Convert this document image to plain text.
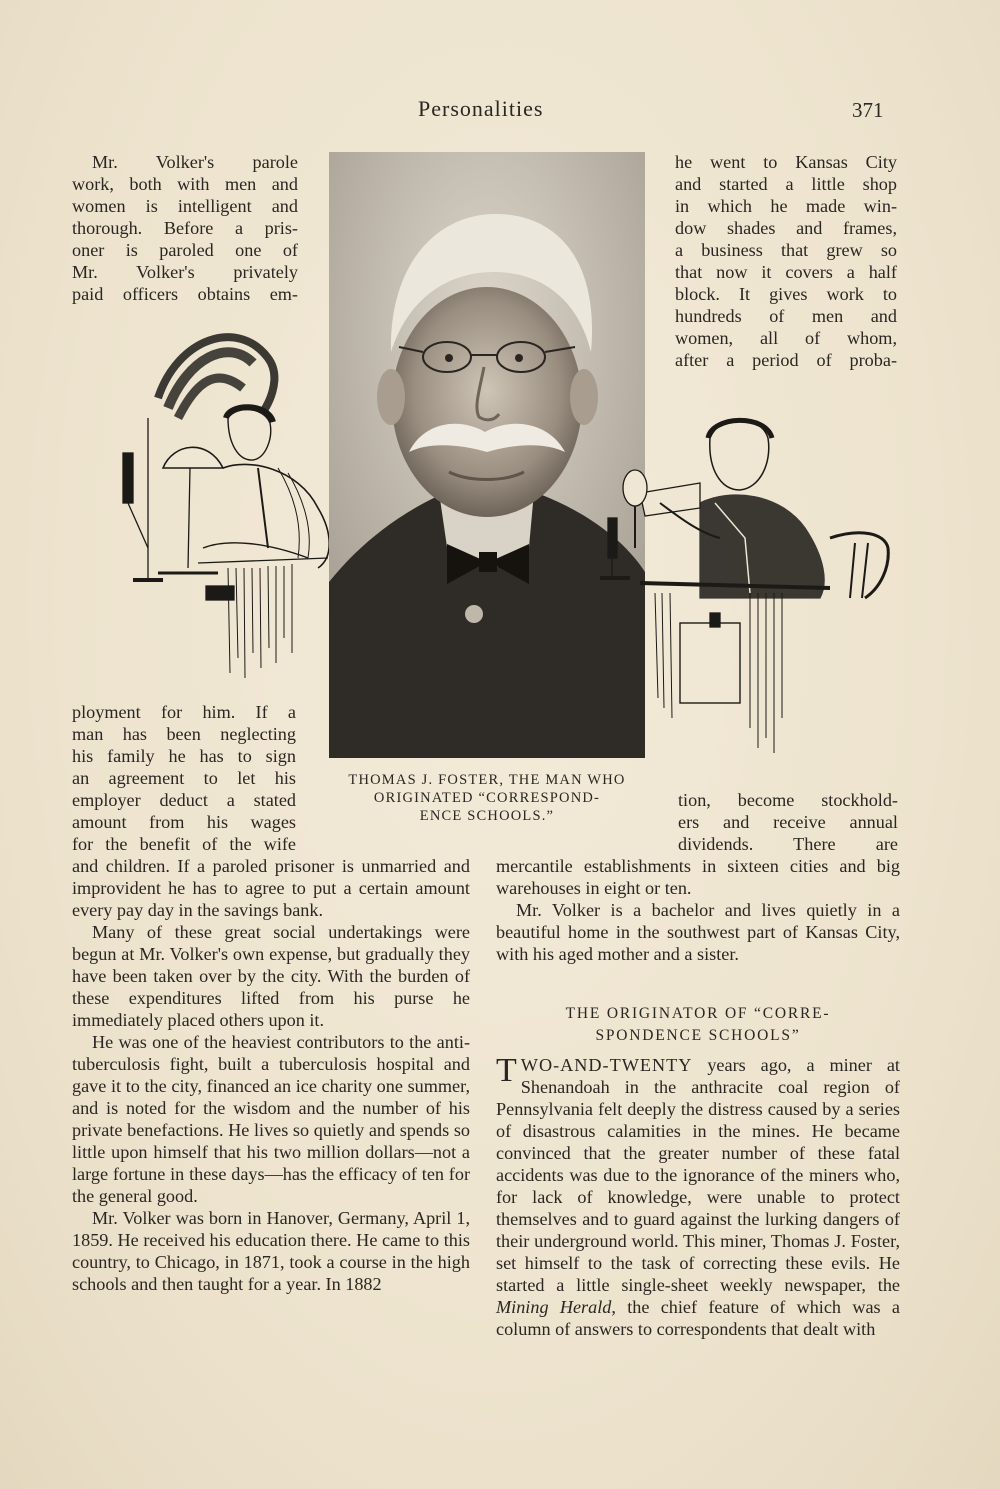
Personalities	371
Mr. Volker's parole
work, both with men and
women is intelligent and
thorough. Before a pris-
oner is paroled one of
Mr. Volker's privately
paid officers obtains em-
ployment for him. If a
man has been neglecting
his family he has to sign
an agreement to let his
employer deduct a stated
amount from his wages
for the benefit of the wife

and children. If a paroled prisoner is unmarried and improvident he has to agree to put a certain amount every pay day in the savings bank.

Many of these great social undertakings were begun at Mr. Volker's own expense, but gradually they have been taken over by the city. With the burden of these expenditures lifted from his purse he immediately placed others upon it.

He was one of the heaviest contributors to the anti-tuberculosis fight, built a tuberculosis hospital and gave it to the city, financed an ice charity one summer, and is noted for the wisdom and the number of his private benefactions. He lives so quietly and spends so little upon himself that his two million dollars—not a large fortune in these days—has the efficacy of ten for the general good.

Mr. Volker was born in Hanover, Germany, April 1, 1859. He received his education there. He came to this country, to Chicago, in 1871, took a course in the high schools and then taught for a year. In 1882

THOMAS J. FOSTER, THE MAN WHO
ORIGINATED “CORRESPOND-
ENCE SCHOOLS.”
he went to Kansas City
and started a little shop
in which he made win-
dow shades and frames,
a business that grew so
that now it covers a half
block. It gives work to
hundreds of men and
women, all of whom,
after a period of proba-
tion, become stockhold-
ers and receive annual
dividends. There are

mercantile establishments in sixteen cities and big warehouses in eight or ten.

Mr. Volker is a bachelor and lives quietly in a beautiful home in the southwest part of Kansas City, with his aged mother and a sister.

THE ORIGINATOR OF “CORRE-
SPONDENCE SCHOOLS”

TWO-AND-TWENTY years ago, a miner at Shenandoah in the anthracite coal region of Pennsylvania felt deeply the distress caused by a series of disastrous calamities in the mines. He became convinced that the greater number of these fatal accidents was due to the ignorance of the miners who, for lack of knowledge, were unable to protect themselves and to guard against the lurking dangers of their underground world. This miner, Thomas J. Foster, set himself to the task of correcting these evils. He started a little single-sheet weekly newspaper, the Mining Herald, the chief feature of which was a column of answers to correspondents that dealt with
